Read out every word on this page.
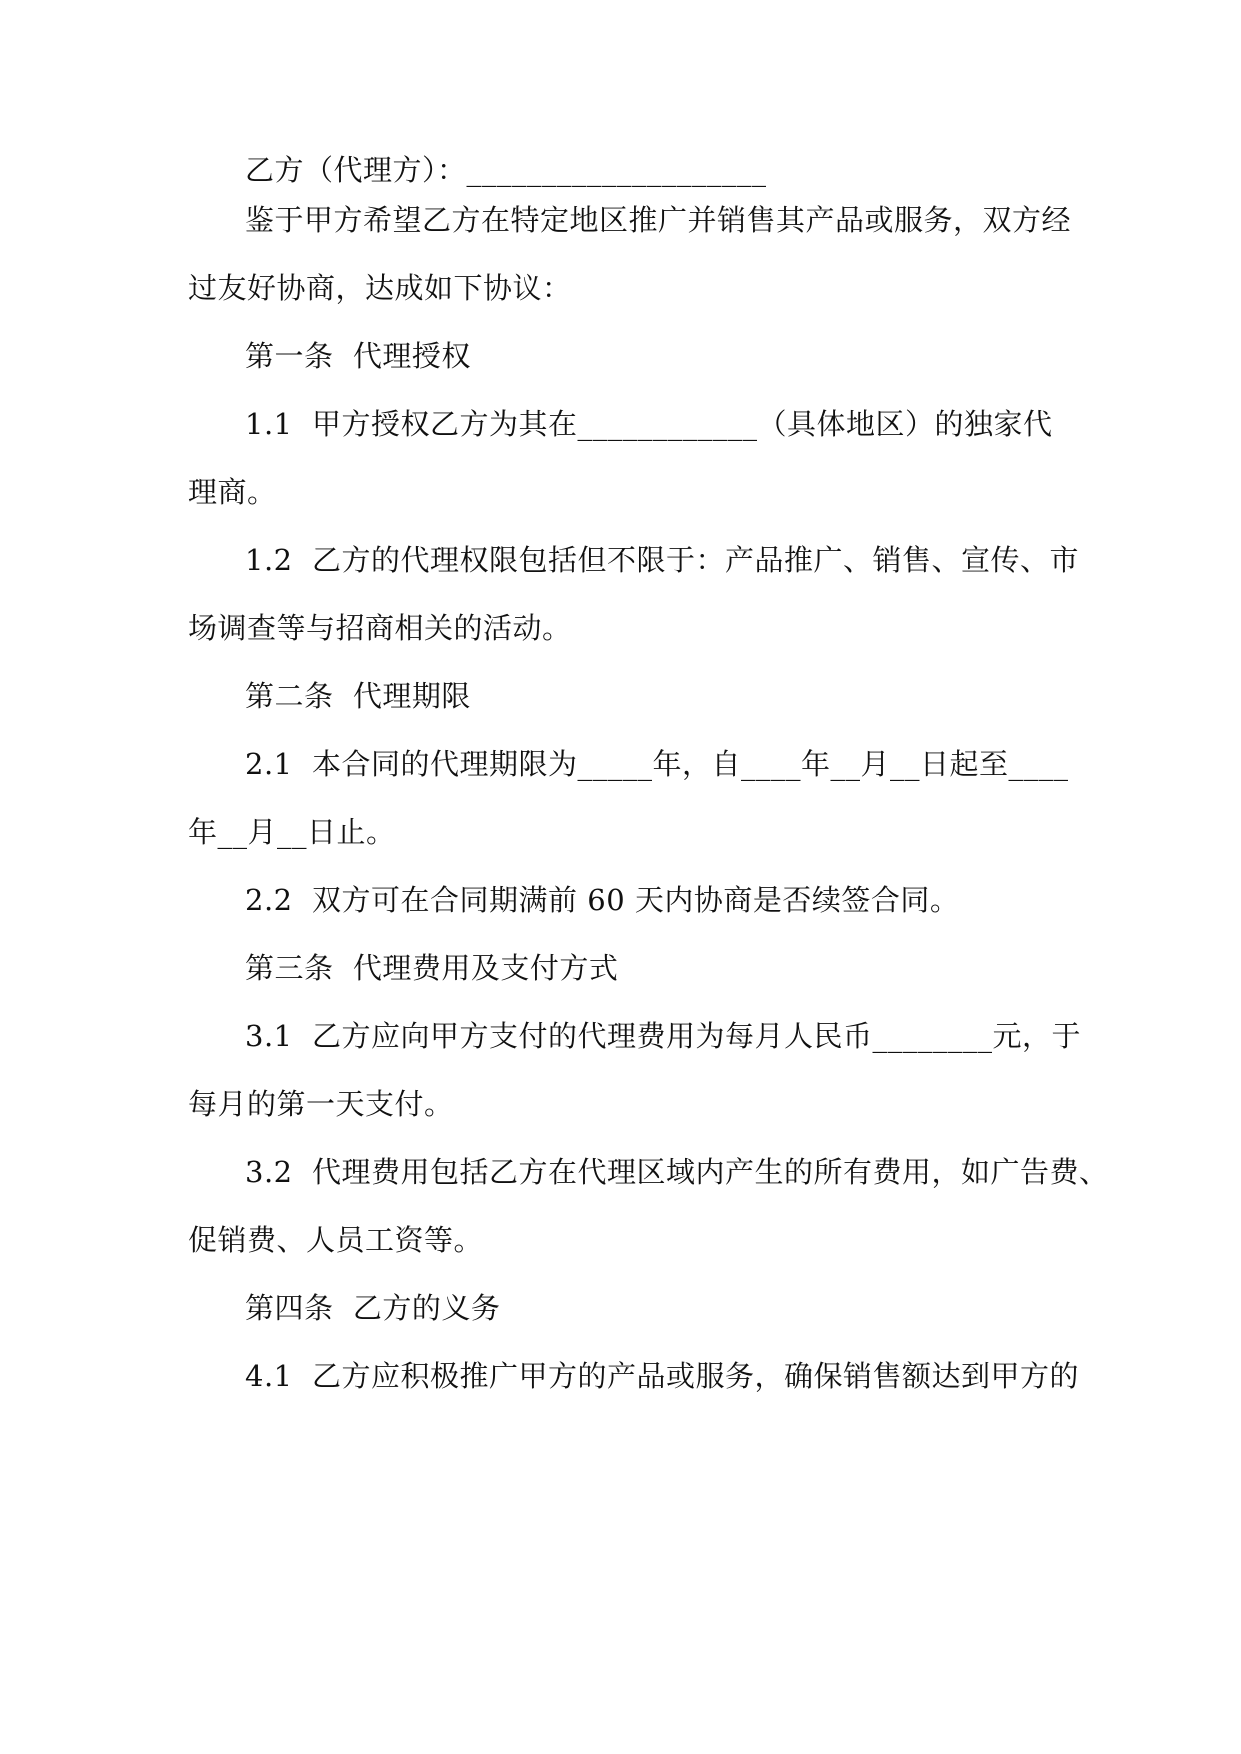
乙方（代理方）：____________________
鉴于甲方希望乙方在特定地区推广并销售其产品或服务，双方经
过友好协商，达成如下协议：
第一条  代理授权
1.1  甲方授权乙方为其在____________（具体地区）的独家代
理商。
1.2  乙方的代理权限包括但不限于：产品推广、销售、宣传、市
场调查等与招商相关的活动。
第二条  代理期限
2.1  本合同的代理期限为_____年，自____年__月__日起至____
年__月__日止。
2.2  双方可在合同期满前 60 天内协商是否续签合同。
第三条  代理费用及支付方式
3.1  乙方应向甲方支付的代理费用为每月人民币________元，于
每月的第一天支付。
3.2  代理费用包括乙方在代理区域内产生的所有费用，如广告费、
促销费、人员工资等。
第四条  乙方的义务
4.1  乙方应积极推广甲方的产品或服务，确保销售额达到甲方的
